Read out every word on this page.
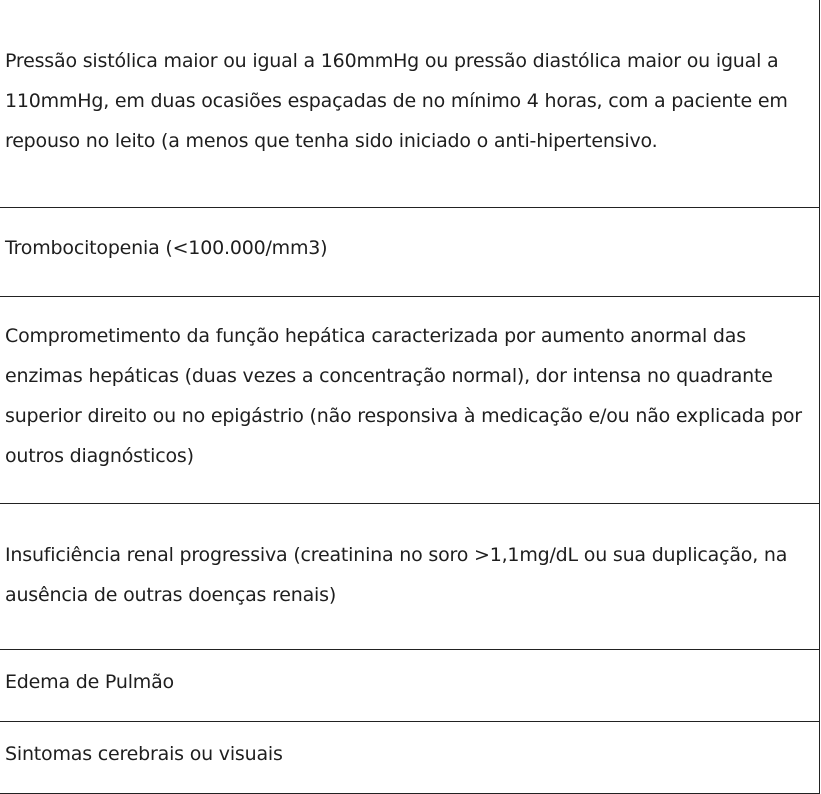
Pressão sistólica maior ou igual a 160mmHg ou pressão diastólica maior ou igual a 110mmHg, em duas ocasiões espaçadas de no mínimo 4 horas, com a paciente em repouso no leito (a menos que tenha sido iniciado o anti-hipertensivo.
Trombocitopenia (<100.000/mm3)
Comprometimento da função hepática caracterizada por aumento anormal das enzimas hepáticas (duas vezes a concentração normal), dor intensa no quadrante superior direito ou no epigástrio (não responsiva à medicação e/ou não explicada por outros diagnósticos)
Insuficiência renal progressiva (creatinina no soro >1,1mg/dL ou sua duplicação, na ausência de outras doenças renais)
Edema de Pulmão
Sintomas cerebrais ou visuais
